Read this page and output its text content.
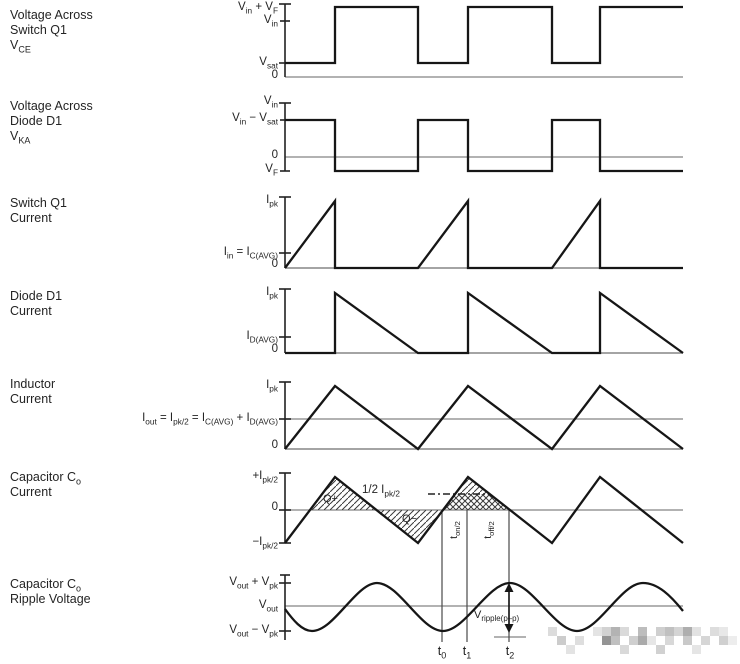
Voltage Across
Switch Q1
$V_{CE}$
Voltage Across
Diode D1
$V_{KA}$
Switch Q1
Current
Diode D1
Current
Inductor
Current
Capacitor $C_o$
Current
Capacitor $C_o$
Ripple Voltage
$V_{in} + V_F$
$V_{in}$
$V_{sat}$
0
$V_{in}$
$V_{in} - V_{sat}$
0
$V_F$
$I_{pk}$
$I_{in} = I_{C(AVG)}$
0
$I_{pk}$
$I_{D(AVG)}$
0
$I_{pk}$
$I_{out} = I_{pk/2} = I_{C(AVG)} + I_{D(AVG)}$
0
$+I_{pk/2}$
0
$-I_{pk/2}$
$V_{out} + V_{pk}$
$V_{out}$
$V_{out} - V_{pk}$
Q+
Q−
1/2 $I_{pk/2}$
$t_{on/2}$
$t_{off/2}$
$V_{ripple(p-p)}$
$t_0$ $t_1$	$t_2$
